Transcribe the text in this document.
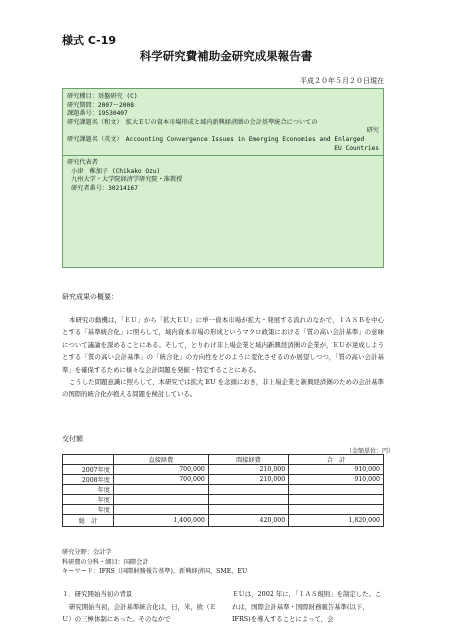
様式 C-19
科学研究費補助金研究成果報告書
平成２０年５月２０日現在
研究種目：基盤研究 (C)
研究期間：2007～2008
課題番号：19530407
研究課題名（和文）　拡大ＥＵの資本市場形成と域内新興経済圏の会計基準統合についての
研究
研究課題名（英文）　Accounting Convergence Issues in Emerging Economies and Enlarged
EU Countries
研究代表者
小津　稚加子 (Chikako Ozu)
九州大学・大学院経済学研究院・准教授
研究者番号：30214167
研究成果の概要：

本研究の動機は，「ＥＵ」から「拡大ＥＵ」に単一資本市場が拡大・発展する流れのなかで，ＩＡＳＢを中心とする「基準統合化」に照らして，域内資本市場の形成というマクロ政策における「質の高い会計基準」の意味について議論を深めることにある。そして，とりわけ非上場企業と域内新興経済圏の企業が，ＥＵが達成しようとする「質の高い会計基準」の「統合化」の方向性をどのように変化させるのか展望しつつ，「質の高い会計基準」を確保するために様々な会計問題を発掘・特定することにある。

こうした問題意識に照らして，本研究では拡大 EU を念頭におき，非上場企業と新興経済圏のための会計基準の国際的統合化が抱える問題を検討している。

交付額
（金額単位：円）
	直接経費	間接経費	合　計
2007年度	700,000	210,000	910,000
2008年度	700,000	210,000	910,000
年度			
年度			
年度			
総　計	1,400,000	420,000	1,820,000
研究分野：会計学
科研費の分科・細目：国際会計
キーワード：IFRS（国際財務報告基準)、新興経済国、SME、EU

１．研究開始当初の背景

研究開始当初，会計基準統合化は，日，米，欧（ＥＵ）の三極体制にあった。そのなかで

ＥＵは，2002 年に，「ＩＡＳ規則」を制定した。これは，国際会計基準・国際財務報告基準(以下，IFRS)を導入することによって，会
